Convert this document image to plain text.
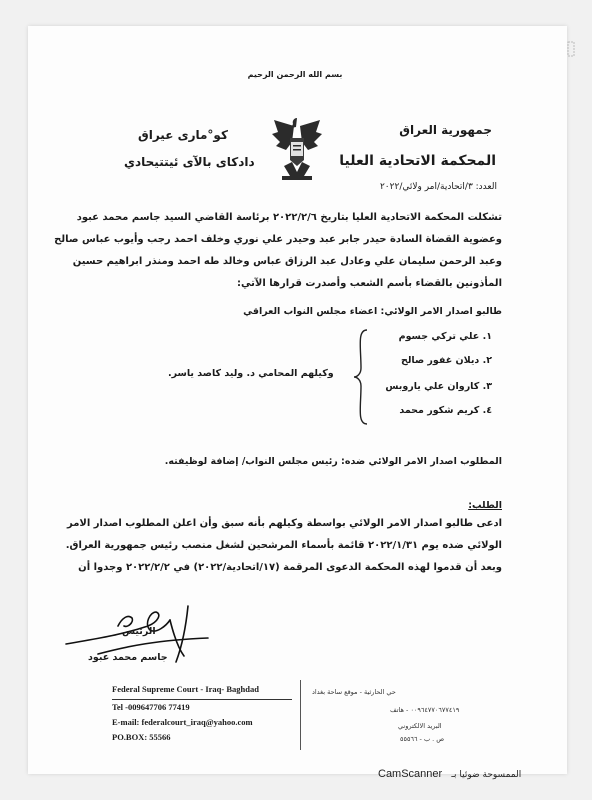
بسم الله الرحمن الرحيم
جمهورية العراق
المحكمة الاتحادية العليا
العدد: ٣/اتحادية/امر ولائي/٢٠٢٢
كو°مارى عيراق
دادكاى بالآى ئيتتيحادي
تشكلت المحكمة الاتحادية العليا بتاريخ ٢٠٢٢/٢/٦ برئاسة القاضي السيد جاسم محمد عبود
وعضوية القضاة السادة حيدر جابر عبد وحيدر علي نوري وخلف احمد رجب وأيوب عباس صالح
وعبد الرحمن سليمان علي وعادل عبد الرزاق عباس وخالد طه احمد ومنذر ابراهيم حسين
المأذونين بالقضاء بأسم الشعب وأصدرت قرارها الآتي:
طالبو اصدار الامر الولائي: اعضاء مجلس النواب العراقي
١. علي تركي جسوم
٢. ديلان غفور صالح
٣. كاروان علي ياروبس
٤. كريم شكور محمد
وكيلهم المحامي د. وليد كاصد ياسر.
المطلوب اصدار الامر الولائي ضده: رئيس مجلس النواب/ إضافة لوظيفته.
الطلب:
ادعى طالبو اصدار الامر الولائي بواسطة وكيلهم بأنه سبق وأن اعلن المطلوب اصدار الامر
الولائي ضده يوم ٢٠٢٢/١/٣١ قائمة بأسماء المرشحين لشغل منصب رئيس جمهورية العراق.
وبعد أن قدموا لهذه المحكمة الدعوى المرقمة (١٧/اتحادية/٢٠٢٢) في ٢٠٢٢/٢/٢ وجدوا أن
الرئيس
جاسم محمد عبود
Federal Supreme Court - Iraq- Baghdad
Tel -009647706 77419
E-mail: federalcourt_iraq@yahoo.com
PO.BOX: 55566
حي الحارثية - موقع ساحة بغداد
٠٠٩٦٤٧٧٠٦٧٧٤١٩ - هاتف
البريد الالكتروني
ص . ب - ٥٥٥٦٦
CamScanner الممسوحة ضوئيا بـ
